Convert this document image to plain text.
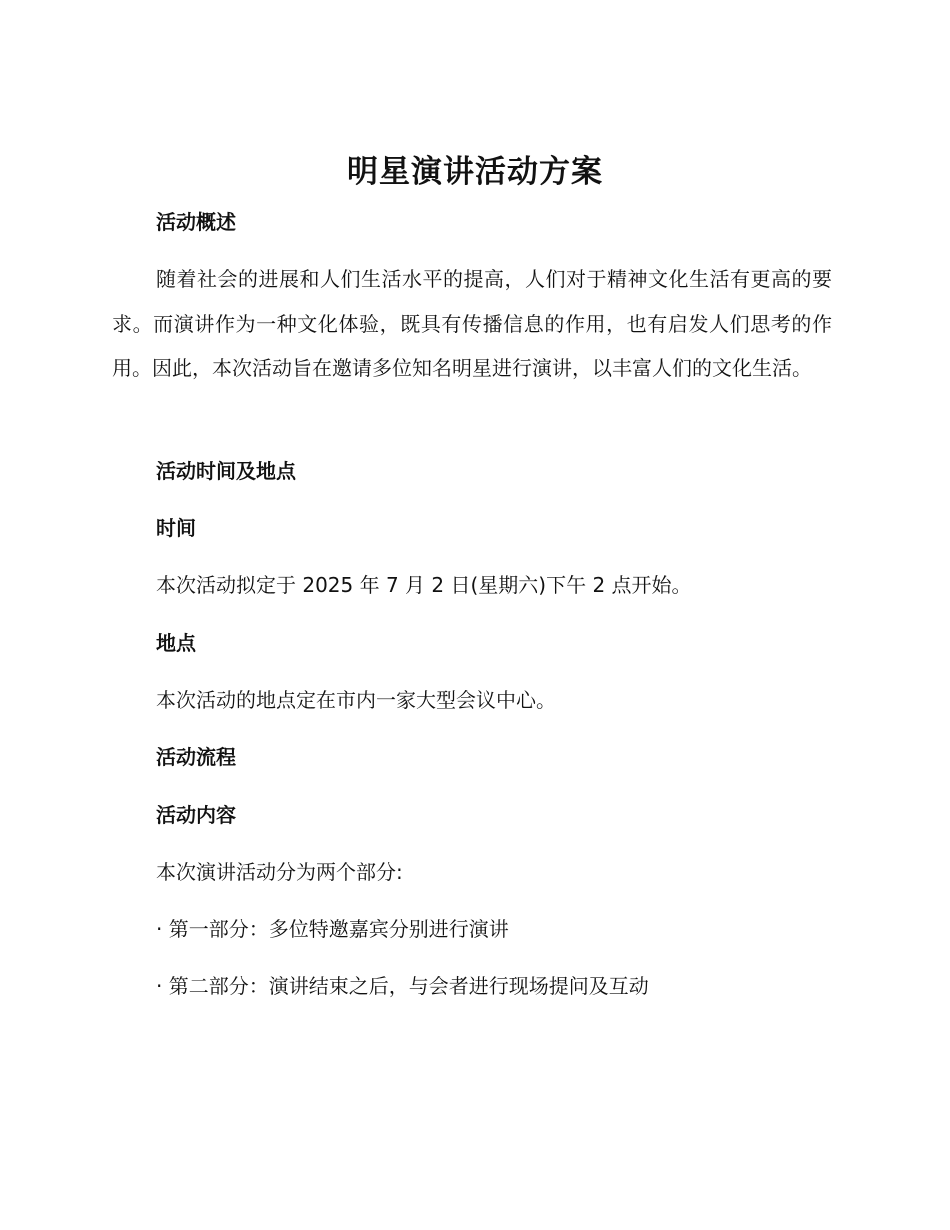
明星演讲活动方案
活动概述
随着社会的进展和人们生活水平的提高，人们对于精神文化生活有更高的要求。而演讲作为一种文化体验，既具有传播信息的作用，也有启发人们思考的作用。因此，本次活动旨在邀请多位知名明星进行演讲，以丰富人们的文化生活。
活动时间及地点
时间
本次活动拟定于 2025 年 7 月 2 日(星期六)下午 2 点开始。
地点
本次活动的地点定在市内一家大型会议中心。
活动流程
活动内容
本次演讲活动分为两个部分:
· 第一部分：多位特邀嘉宾分别进行演讲
· 第二部分：演讲结束之后，与会者进行现场提问及互动
